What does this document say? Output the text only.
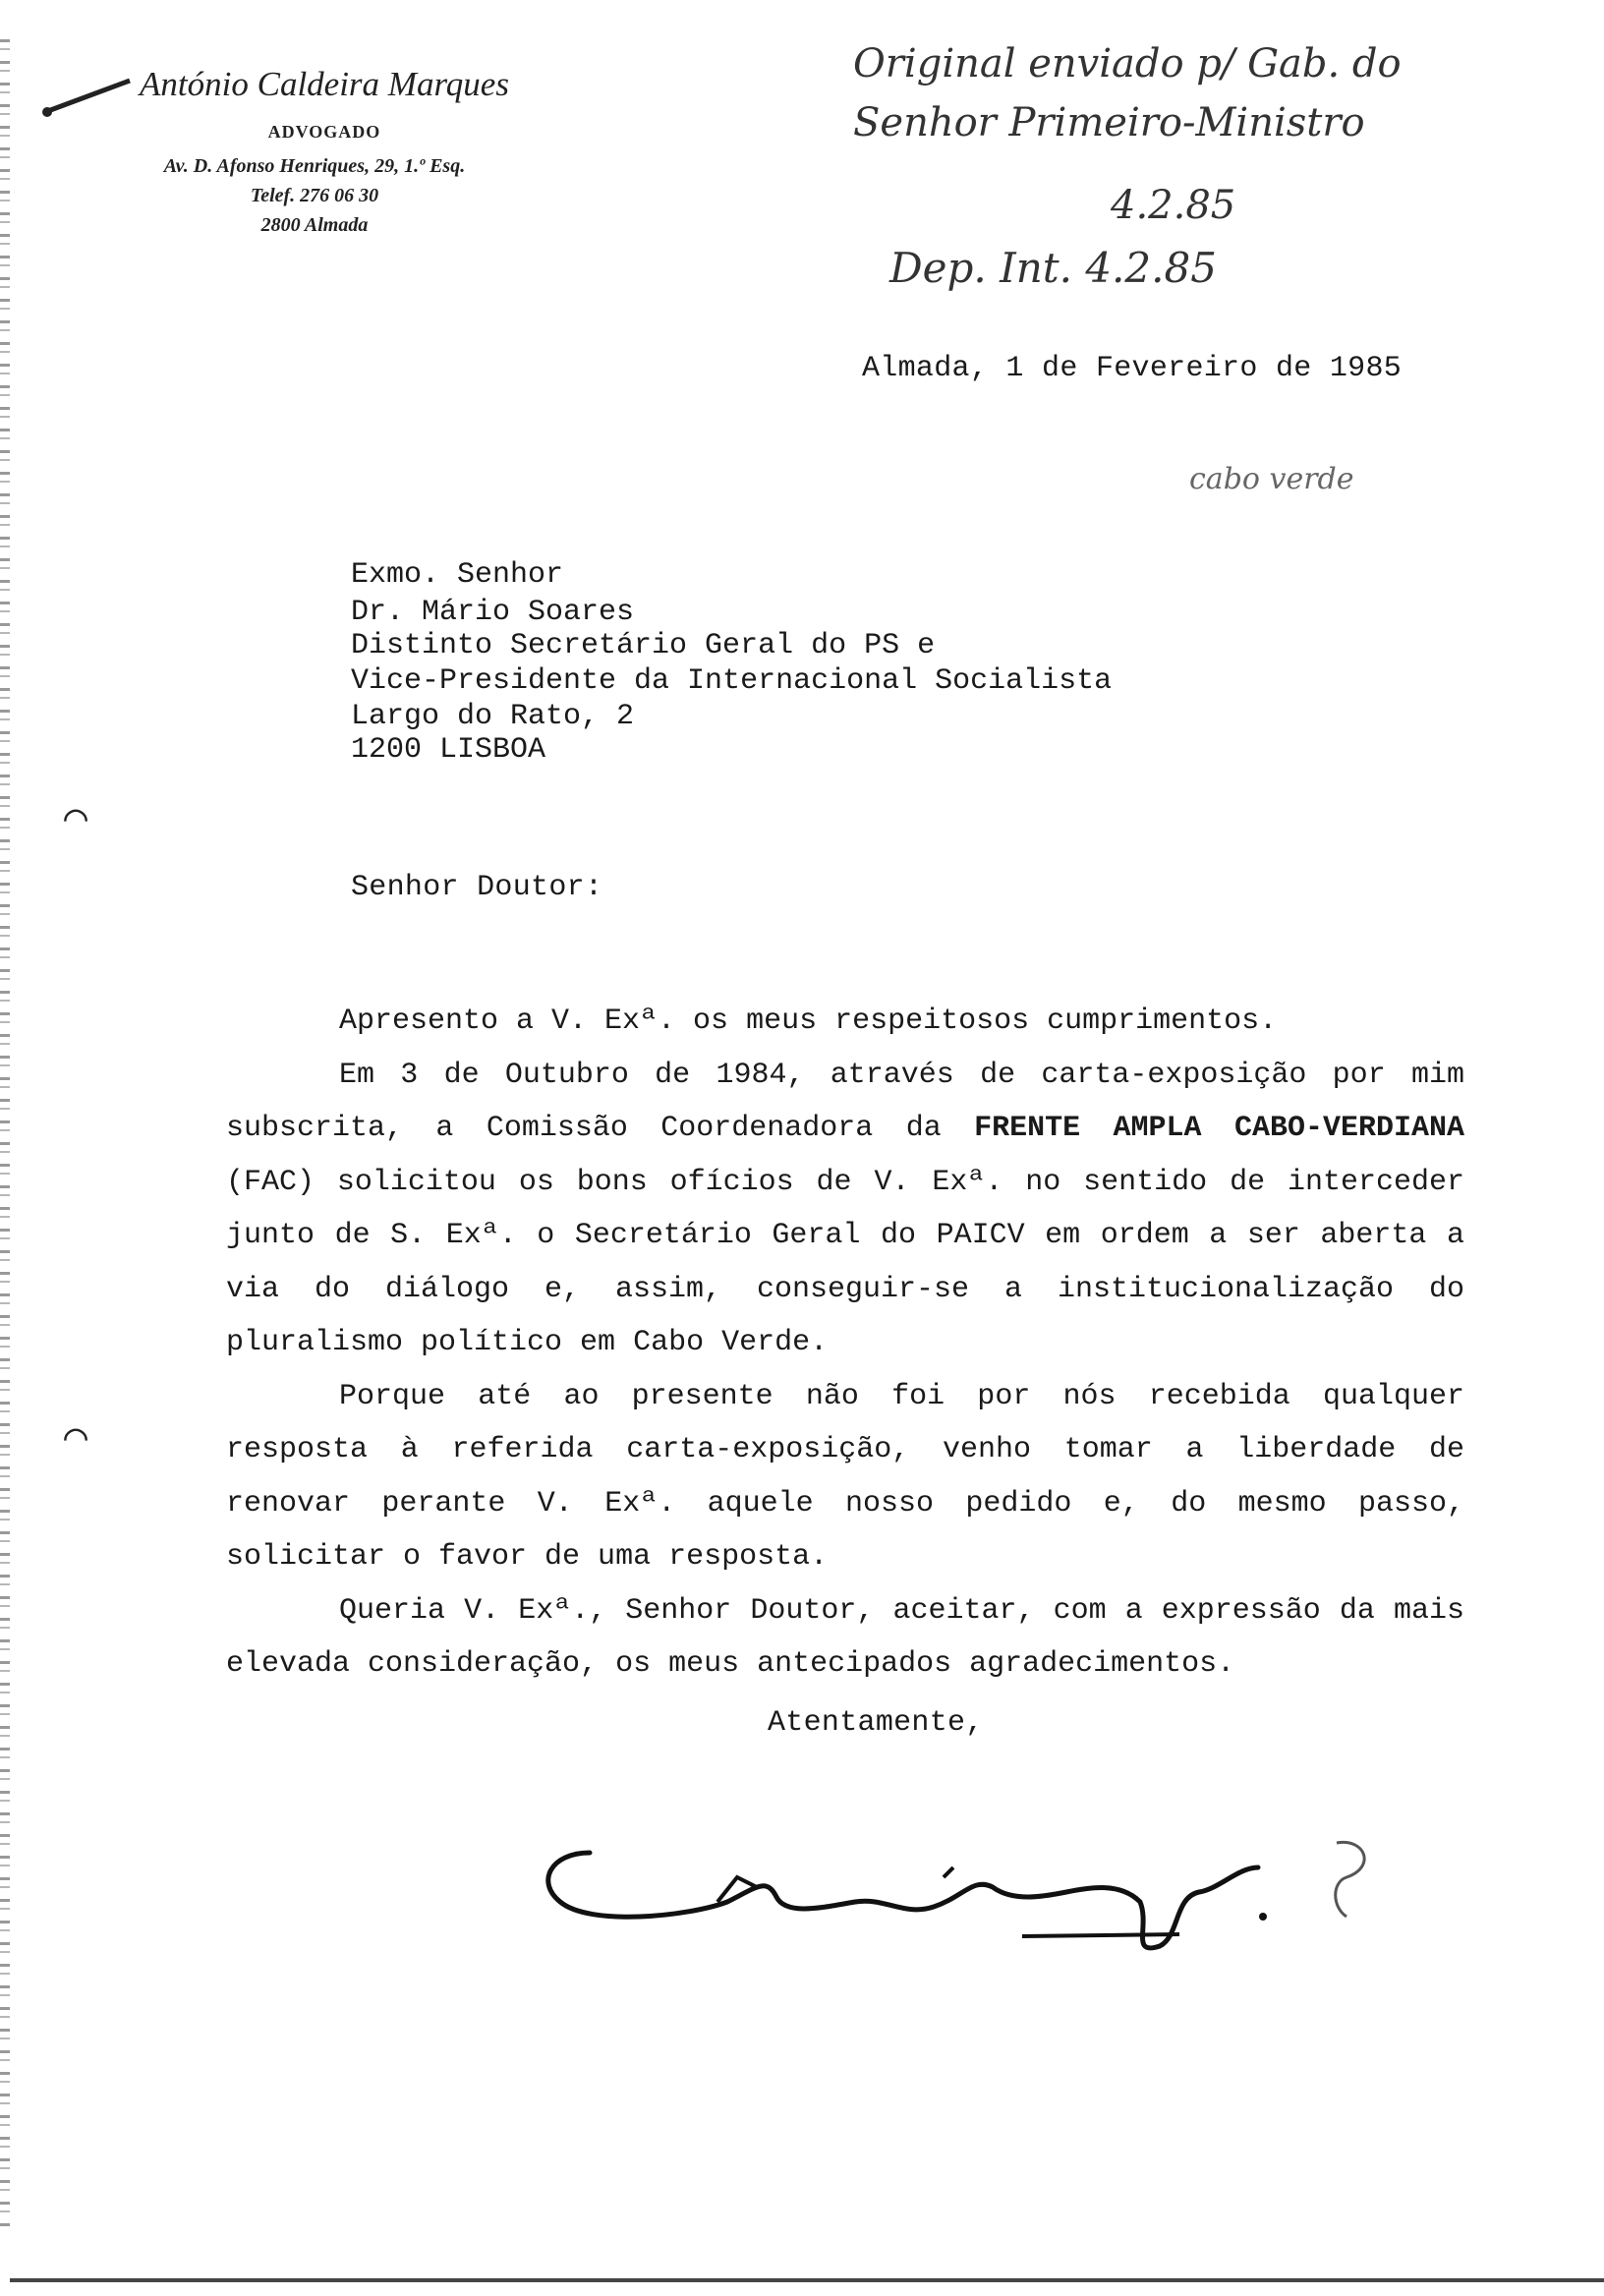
⌒
⌒
António Caldeira Marques
ADVOGADO
Av. D. Afonso Henriques, 29, 1.º Esq.
Telef. 276 06 30
2800 Almada
Original enviado p/ Gab. do
Senhor Primeiro-Ministro
4.2.85
Dep. Int. 4.2.85
cabo verde
Almada, 1 de Fevereiro de 1985
Exmo. Senhor
Dr. Mário Soares
Distinto Secretário Geral do PS e
Vice-Presidente da Internacional Socialista
Largo do Rato, 2
1200 LISBOA
Senhor Doutor:

Apresento a V. Exª. os meus respeitosos cumprimentos.

Em 3 de Outubro de 1984, através de carta-exposição por mim subscrita, a Comissão Coordenadora da FRENTE AMPLA CABO-VERDIANA (FAC) solicitou os bons ofícios de V. Exª. no sentido de interceder junto de S. Exª. o Secretário Geral do PAICV em ordem a ser aberta a via do diálogo e, assim, conseguir-se a institucionalização do pluralismo político em Cabo Verde.

Porque até ao presente não foi por nós recebida qualquer resposta à referida carta-exposição, venho tomar a liberdade de renovar perante V. Exª. aquele nosso pedido e, do mesmo passo, solicitar o favor de uma resposta.

Queria V. Exª., Senhor Doutor, aceitar, com a expressão da mais elevada consideração, os meus antecipados agradecimentos.

Atentamente,
